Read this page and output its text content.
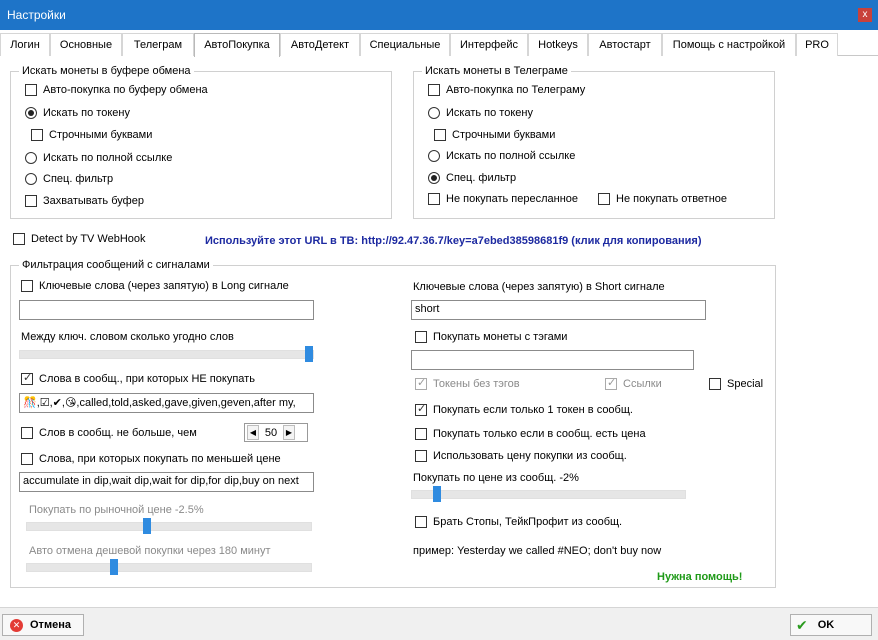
Настройки	x
Логин	Основные	Телеграм	АвтоПокупка	АвтоДетект	Специальные	Интерфейс	Hotkeys	Автостарт	Помощь с настройкой	PRO
Искать монеты в буфере обмена
Авто-покупка по буферу обмена
Искать по токену
Строчными буквами
Искать по полной ссылке
Спец. фильтр
Захватывать буфер
Искать монеты в Телеграме
Авто-покупка по Телеграму
Искать по токену
Строчными буквами
Искать по полной ссылке
Спец. фильтр
Не покупать пересланное	Не покупать ответное
Detect by TV WebHook	Используйте этот URL в ТВ: http://92.47.36.7/key=a7ebed38598681f9 (клик для копирования)
Фильтрация сообщений с сигналами
Ключевые слова (через запятую) в Long сигнале
Между ключ. словом сколько угодно слов
✓
Слова в сообщ., при которых НЕ покупать
🎊,☑,✔,😘,called,told,asked,gave,given,geven,after my,
Слов в сообщ. не больше, чем	◀ 50	▶
Слова, при которых покупать по меньшей цене
accumulate in dip,wait dip,wait for dip,for dip,buy on next
Покупать по рыночной цене -2.5%
Авто отмена дешевой покупки через 180 минут
Ключевые слова (через запятую) в Short сигнале
short
Покупать монеты с тэгами
✓
Токены без тэгов
✓	Ссылки	Special
✓
Покупать если только 1 токен в сообщ.
Покупать только если в сообщ. есть цена
Использовать цену покупки из сообщ.
Покупать по цене из сообщ. -2%
Брать Стопы, ТейкПрофит из сообщ.
пример: Yesterday we called #NEO; don't buy now
Нужна помощь!
✕ Отмена	✔ OK
